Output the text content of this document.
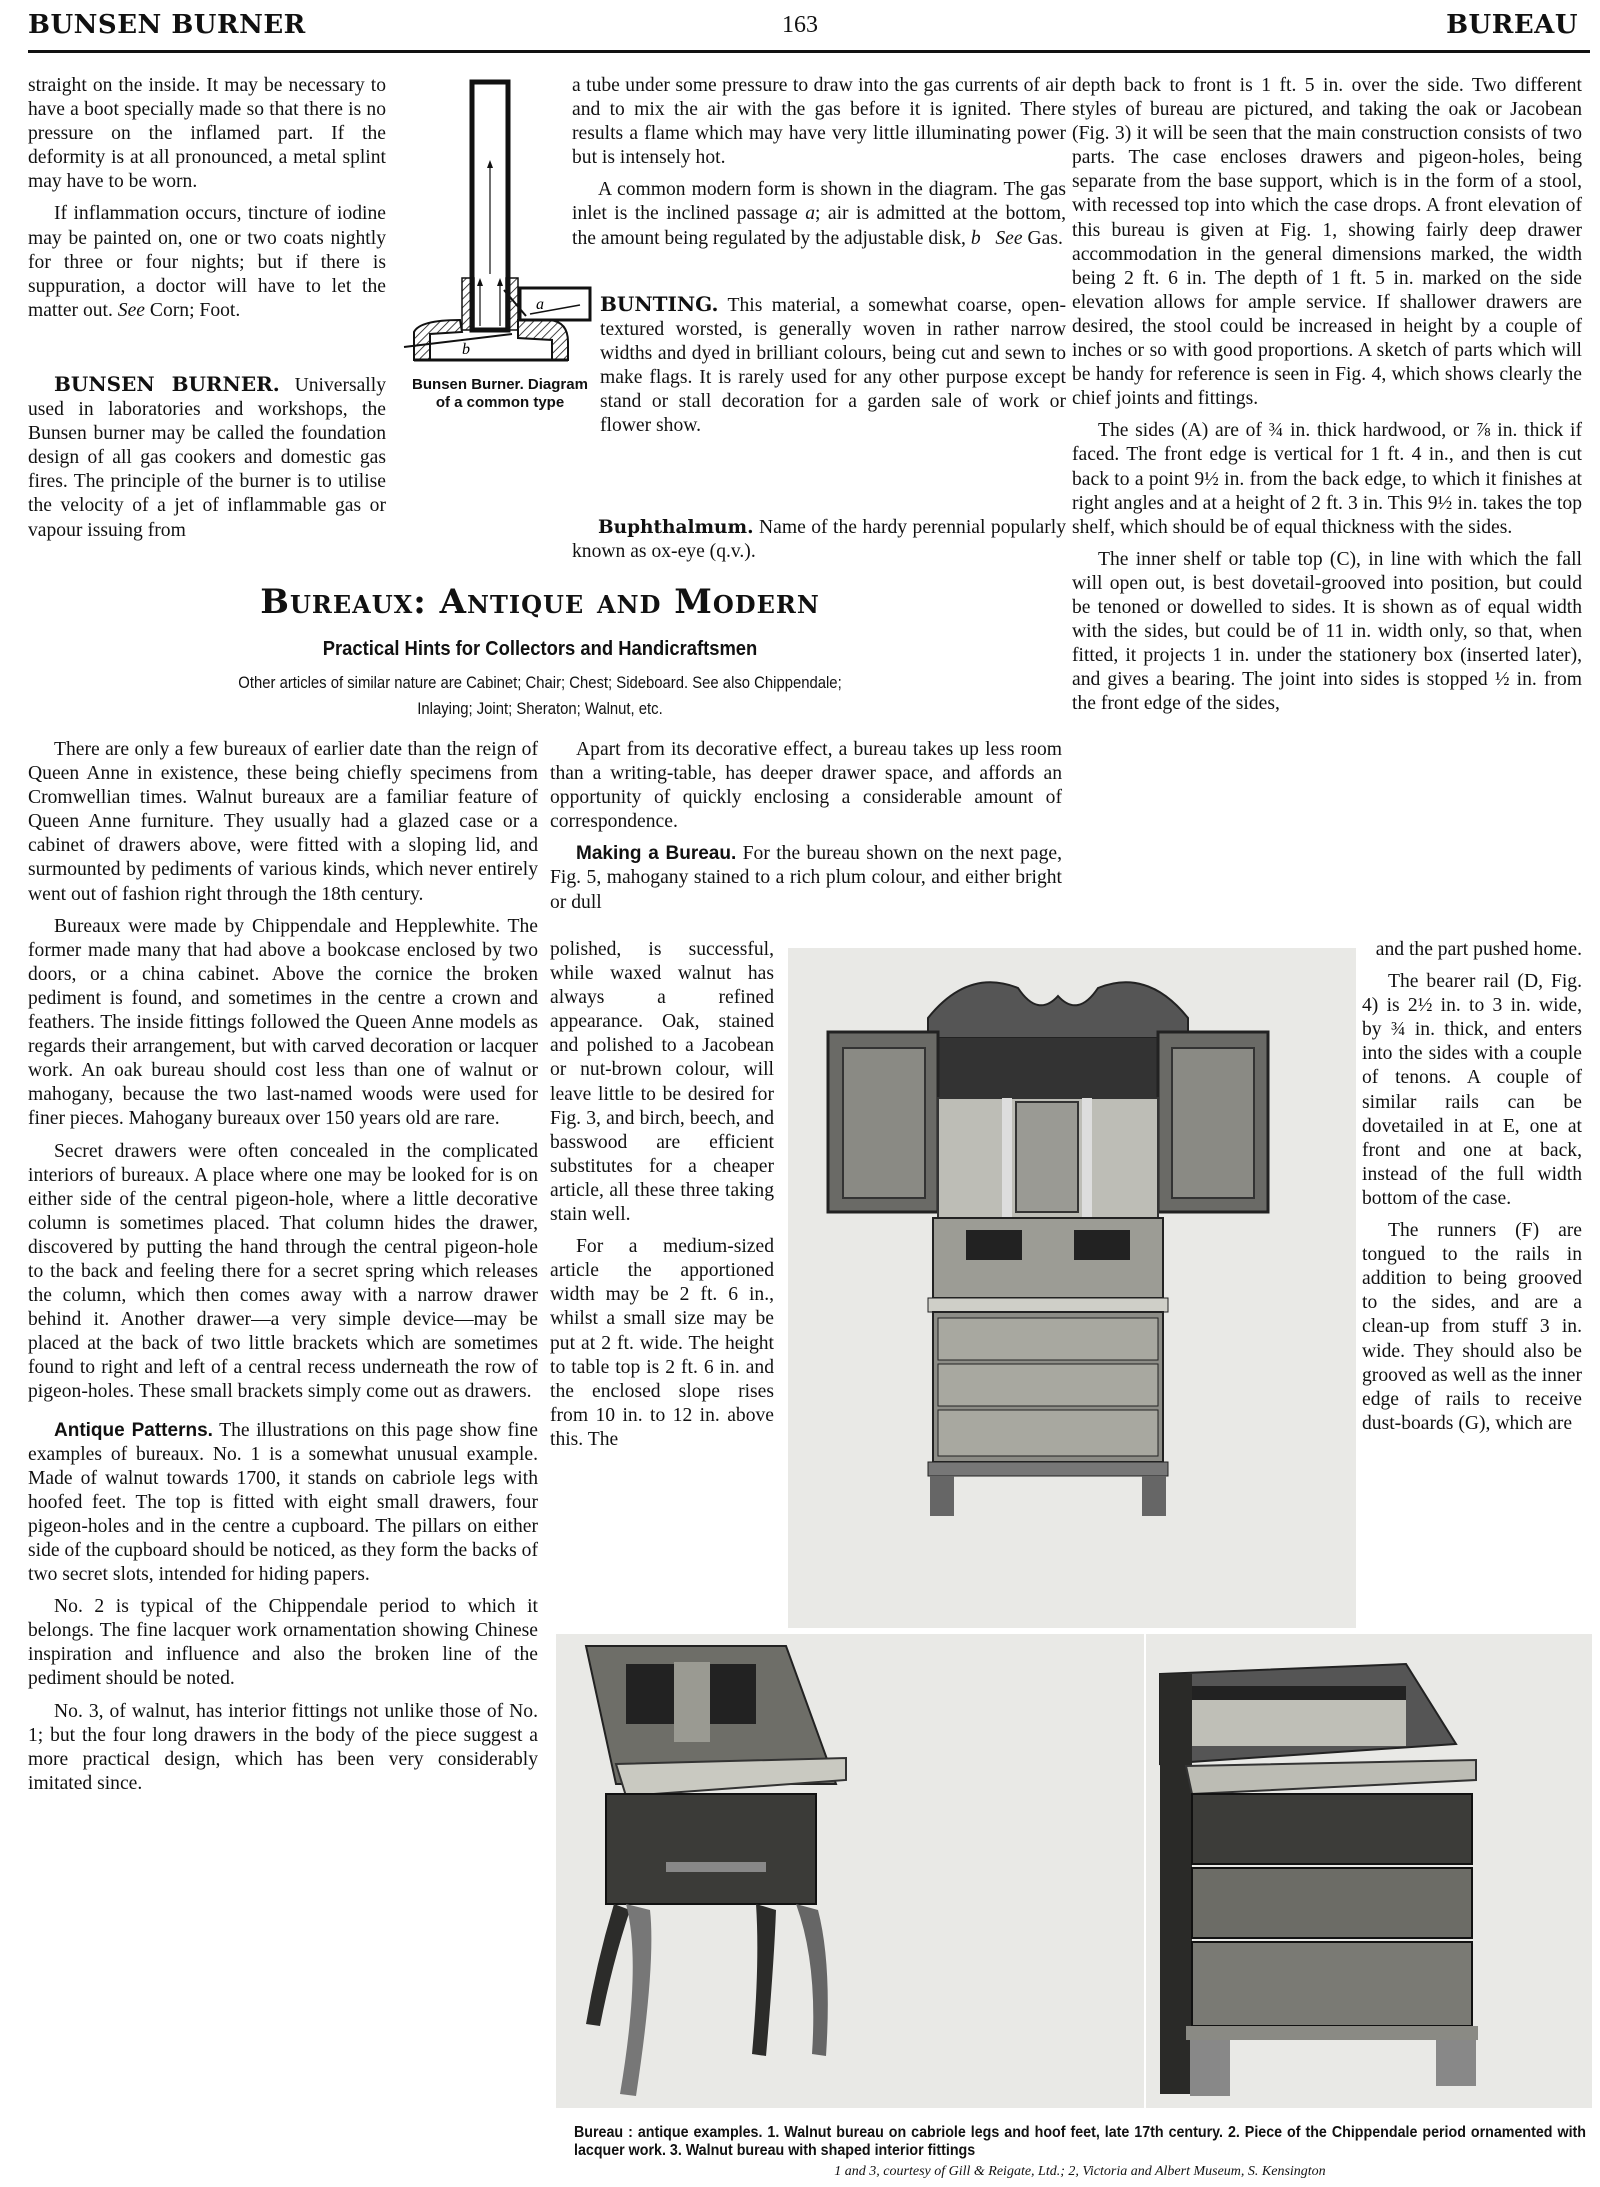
BUNSEN BURNER	163	BUREAU

straight on the inside. It may be necessary to have a boot specially made so that there is no pressure on the inflamed part. If the deformity is at all pronounced, a metal splint may have to be worn.

If inflammation occurs, tincture of iodine may be painted on, one or two coats nightly for three or four nights; but if there is suppuration, a doctor will have to let the matter out. See Corn; Foot.

BUNSEN BURNER. Universally used in laboratories and workshops, the Bunsen burner may be called the foundation design of all gas cookers and domestic gas fires. The principle of the burner is to utilise the velocity of a jet of inflammable gas or vapour issuing from

a
b
Bunsen Burner. Diagram
of a common type

a tube under some pressure to draw into the gas currents of air and to mix the air with the gas before it is ignited. There results a flame which may have very little illuminating power but is intensely hot.

A common modern form is shown in the diagram. The gas inlet is the inclined passage a; air is admitted at the bottom, the amount being regulated by the adjustable disk, b See Gas.

BUNTING. This material, a somewhat coarse, open-textured worsted, is generally woven in rather narrow widths and dyed in brilliant colours, being cut and sewn to make flags. It is rarely used for any other purpose except stand or stall decoration for a garden sale of work or flower show.

Buphthalmum. Name of the hardy perennial popularly known as ox-eye (q.v.).

Bureaux: Antique and Modern
Practical Hints for Collectors and Handicraftsmen
Other articles of similar nature are Cabinet; Chair; Chest; Sideboard. See also Chippendale;
Inlaying; Joint; Sheraton; Walnut, etc.

There are only a few bureaux of earlier date than the reign of Queen Anne in existence, these being chiefly specimens from Cromwellian times. Walnut bureaux are a familiar feature of Queen Anne furniture. They usually had a glazed case or a cabinet of drawers above, were fitted with a sloping lid, and surmounted by pediments of various kinds, which never entirely went out of fashion right through the 18th century.

Bureaux were made by Chippendale and Hepplewhite. The former made many that had above a bookcase enclosed by two doors, or a china cabinet. Above the cornice the broken pediment is found, and sometimes in the centre a crown and feathers. The inside fittings followed the Queen Anne models as regards their arrangement, but with carved decoration or lacquer work. An oak bureau should cost less than one of walnut or mahogany, because the two last-named woods were used for finer pieces. Mahogany bureaux over 150 years old are rare.

Secret drawers were often concealed in the complicated interiors of bureaux. A place where one may be looked for is on either side of the central pigeon-hole, where a little decorative column is sometimes placed. That column hides the drawer, discovered by putting the hand through the central pigeon-hole to the back and feeling there for a secret spring which releases the column, which then comes away with a narrow drawer behind it. Another drawer—a very simple device—may be placed at the back of two little brackets which are sometimes found to right and left of a central recess underneath the row of pigeon-holes. These small brackets simply come out as drawers.

Antique Patterns. The illustrations on this page show fine examples of bureaux. No. 1 is a somewhat unusual example. Made of walnut towards 1700, it stands on cabriole legs with hoofed feet. The top is fitted with eight small drawers, four pigeon-holes and in the centre a cupboard. The pillars on either side of the cupboard should be noticed, as they form the backs of two secret slots, intended for hiding papers.

No. 2 is typical of the Chippendale period to which it belongs. The fine lacquer work ornamentation showing Chinese inspiration and influence and also the broken line of the pediment should be noted.

No. 3, of walnut, has interior fittings not unlike those of No. 1; but the four long drawers in the body of the piece suggest a more practical design, which has been very considerably imitated since.

Apart from its decorative effect, a bureau takes up less room than a writing-table, has deeper drawer space, and affords an opportunity of quickly enclosing a considerable amount of correspondence.

Making a Bureau. For the bureau shown on the next page, Fig. 5, mahogany stained to a rich plum colour, and either bright or dull

polished, is successful, while waxed walnut has always a refined appearance. Oak, stained and polished to a Jacobean or nut-brown colour, will leave little to be desired for Fig. 3, and birch, beech, and basswood are efficient substitutes for a cheaper article, all these three taking stain well.

For a medium-sized article the apportioned width may be 2 ft. 6 in., whilst a small size may be put at 2 ft. wide. The height to table top is 2 ft. 6 in. and the enclosed slope rises from 10 in. to 12 in. above this. The

depth back to front is 1 ft. 5 in. over the side. Two different styles of bureau are pictured, and taking the oak or Jacobean (Fig. 3) it will be seen that the main construction consists of two parts. The case encloses drawers and pigeon-holes, being separate from the base support, which is in the form of a stool, with recessed top into which the case drops. A front elevation of this bureau is given at Fig. 1, showing fairly deep drawer accommodation in the general dimensions marked, the width being 2 ft. 6 in. The depth of 1 ft. 5 in. marked on the side elevation allows for ample service. If shallower drawers are desired, the stool could be increased in height by a couple of inches or so with good proportions. A sketch of parts which will be handy for reference is seen in Fig. 4, which shows clearly the chief joints and fittings.

The sides (A) are of ¾ in. thick hardwood, or ⅞ in. thick if faced. The front edge is vertical for 1 ft. 4 in., and then is cut back to a point 9½ in. from the back edge, to which it finishes at right angles and at a height of 2 ft. 3 in. This 9½ in. takes the top shelf, which should be of equal thickness with the sides.

The inner shelf or table top (C), in line with which the fall will open out, is best dovetail-grooved into position, but could be tenoned or dowelled to sides. It is shown as of equal width with the sides, but could be of 11 in. width only, so that, when fitted, it projects 1 in. under the stationery box (inserted later), and gives a bearing. The joint into sides is stopped ½ in. from the front edge of the sides,

and the part pushed home.

The bearer rail (D, Fig. 4) is 2½ in. to 3 in. wide, by ¾ in. thick, and enters into the sides with a couple of tenons. A couple of similar rails can be dovetailed in at E, one at front and one at back, instead of the full width bottom of the case.

The runners (F) are tongued to the rails in addition to being grooved to the sides, and are a clean-up from stuff 3 in. wide. They should also be grooved as well as the inner edge of rails to receive dust-boards (G), which are

Bureau : antique examples. 1. Walnut bureau on cabriole legs and hoof feet, late 17th century. 2. Piece of the Chippendale period ornamented with lacquer work. 3. Walnut bureau with shaped interior fittings
1 and 3, courtesy of Gill & Reigate, Ltd.; 2, Victoria and Albert Museum, S. Kensington
